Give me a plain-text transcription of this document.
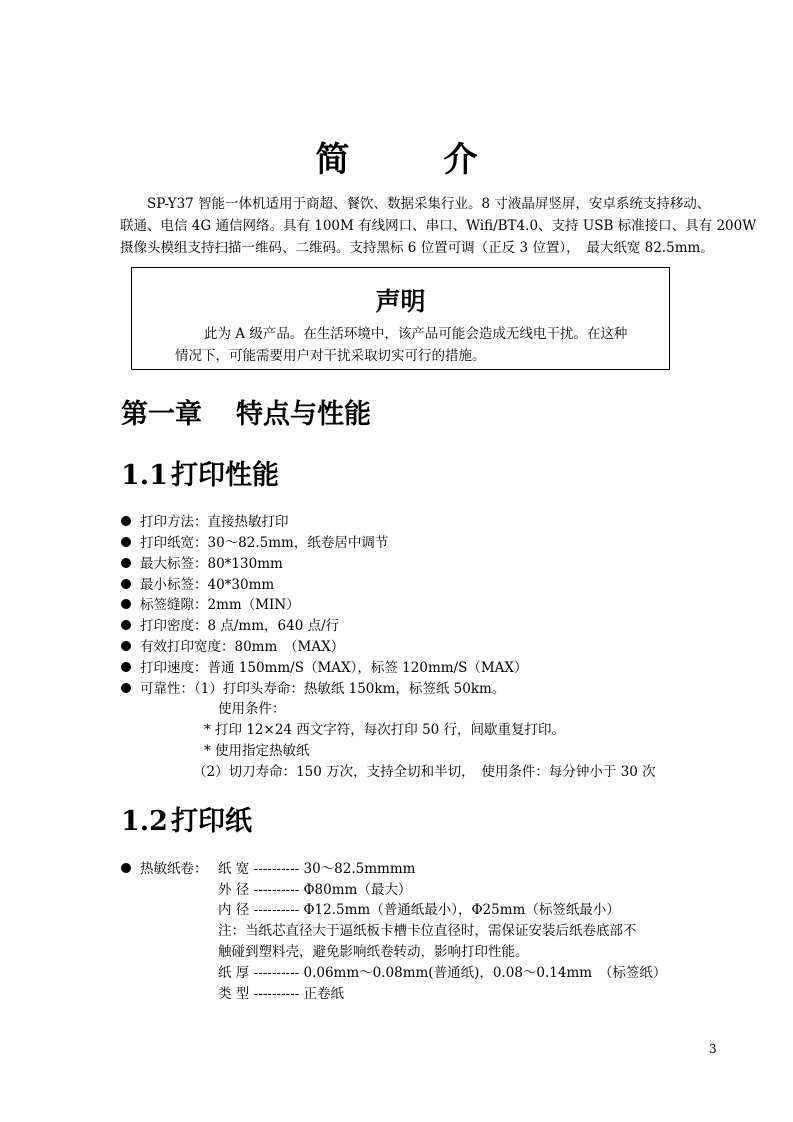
简　介

SP-Y37 智能一体机适用于商超、餐饮、数据采集行业。8 寸液晶屏竖屏，安卓系统支持移动、

联通、电信 4G 通信网络。具有 100M 有线网口、串口、Wifi/BT4.0、支持 USB 标准接口、具有 200W

摄像头模组支持扫描一维码、二维码。支持黑标 6 位置可调（正反 3 位置），　最大纸宽 82.5mm。

声明
此为 A 级产品。在生活环境中，该产品可能会造成无线电干扰。在这种
情况下，可能需要用户对干扰采取切实可行的措施。
第一章 特点与性能
1.1 打印性能
打印方法：直接热敏打印
打印纸宽：30～82.5mm，纸卷居中调节
最大标签：80*130mm
最小标签：40*30mm
标签缝隙：2mm（MIN）
打印密度：8 点/mm，640 点/行
有效打印宽度：80mm　（MAX）
打印速度：普通 150mm/S（MAX），标签 120mm/S（MAX）
可靠性：（1）打印头寿命：热敏纸 150km，标签纸 50km。
使用条件：
* 打印 12×24 西文字符，每次打印 50 行，间歇重复打印。
* 使用指定热敏纸
（2）切刀寿命：150 万次，支持全切和半切，　使用条件：每分钟小于 30 次
1.2 打印纸
热敏纸卷： 纸 宽 ---------- 30～82.5mmmm
外 径 ---------- Φ80mm（最大）
内 径 ---------- Φ12.5mm（普通纸最小），Φ25mm（标签纸最小）
注：当纸芯直径大于逼纸板卡槽卡位直径时，需保证安装后纸卷底部不
触碰到塑料壳，避免影响纸卷转动，影响打印性能。
纸 厚 ---------- 0.06mm～0.08mm(普通纸)，0.08～0.14mm　（标签纸）
类 型 ---------- 正卷纸
3
